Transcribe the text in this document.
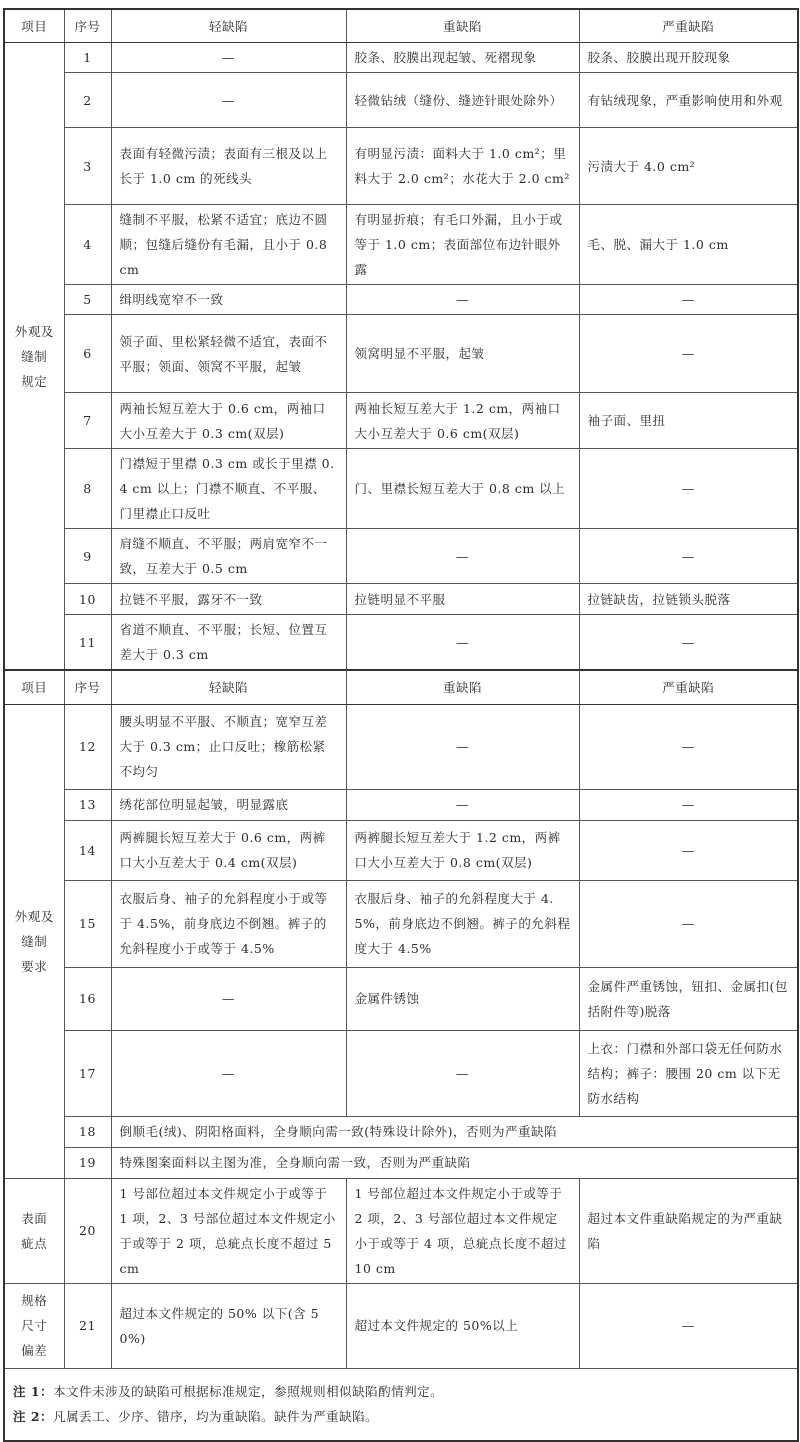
项目	序号	轻缺陷	重缺陷	严重缺陷

外观及
缝制
规定	1	—	胶条、胶膜出现起皱、死褶现象	胶条、胶膜出现开胶现象
	2	—	轻微钻绒（缝份、缝迹针眼处除外）	有钻绒现象，严重影响使用和外观
	3	表面有轻微污渍；表面有三根及以上长于 1.0 cm 的死线头	有明显污渍：面料大于 1.0 cm²；里料大于 2.0 cm²；水花大于 2.0 cm²	污渍大于 4.0 cm²
	4	缝制不平服，松紧不适宜；底边不圆顺；包缝后缝份有毛漏，且小于 0.8 cm	有明显折痕；有毛口外漏，且小于或等于 1.0 cm；表面部位布边针眼外露	毛、脱、漏大于 1.0 cm
	5	缉明线宽窄不一致	—	—
	6	领子面、里松紧轻微不适宜，表面不平服；领面、领窝不平服，起皱	领窝明显不平服，起皱	—
	7	两袖长短互差大于 0.6 cm，两袖口大小互差大于 0.3 cm(双层)	两袖长短互差大于 1.2 cm，两袖口大小互差大于 0.6 cm(双层)	袖子面、里扭
	8	门襟短于里襟 0.3 cm 或长于里襟 0.4 cm 以上；门襟不顺直、不平服、门里襟止口反吐	门、里襟长短互差大于 0.8 cm 以上	—
	9	肩缝不顺直、不平服；两肩宽窄不一致，互差大于 0.5 cm	—	—
	10	拉链不平服，露牙不一致	拉链明显不平服	拉链缺齿，拉链锁头脱落
	11	省道不顺直、不平服；长短、位置互差大于 0.3 cm	—	—
项目	序号	轻缺陷	重缺陷	严重缺陷

外观及
缝制
要求	12	腰头明显不平服、不顺直；宽窄互差大于 0.3 cm；止口反吐；橡筋松紧不均匀	—	—
	13	绣花部位明显起皱，明显露底	—	—
	14	两裤腿长短互差大于 0.6 cm，两裤口大小互差大于 0.4 cm(双层)	两裤腿长短互差大于 1.2 cm，两裤口大小互差大于 0.8 cm(双层)	—
	15	衣服后身、袖子的允斜程度小于或等于 4.5%，前身底边不倒翘。裤子的允斜程度小于或等于 4.5%	衣服后身、袖子的允斜程度大于 4.5%，前身底边不倒翘。裤子的允斜程度大于 4.5%	—
	16	—	金属件锈蚀	金属件严重锈蚀，钮扣、金属扣(包括附件等)脱落
	17	—	—	上衣：门襟和外部口袋无任何防水结构；裤子：腰围 20 cm 以下无防水结构
	18	倒顺毛(绒)、阴阳格面料，全身顺向需一致(特殊设计除外)，否则为严重缺陷		
	19	特殊图案面料以主图为准，全身顺向需一致，否则为严重缺陷		

表面
疵点	20	1 号部位超过本文件规定小于或等于 1 项，2、3 号部位超过本文件规定小于或等于 2 项，总疵点长度不超过 5 cm	1 号部位超过本文件规定小于或等于 2 项，2、3 号部位超过本文件规定小于或等于 4 项，总疵点长度不超过 10 cm	超过本文件重缺陷规定的为严重缺陷

规格
尺寸
偏差	21	超过本文件规定的 50% 以下(含 50%)	超过本文件规定的 50%以上	—

注 1：本文件未涉及的缺陷可根据标准规定，参照规则相似缺陷酌情判定。
注 2：凡属丢工、少序、错序，均为重缺陷。缺件为严重缺陷。				
